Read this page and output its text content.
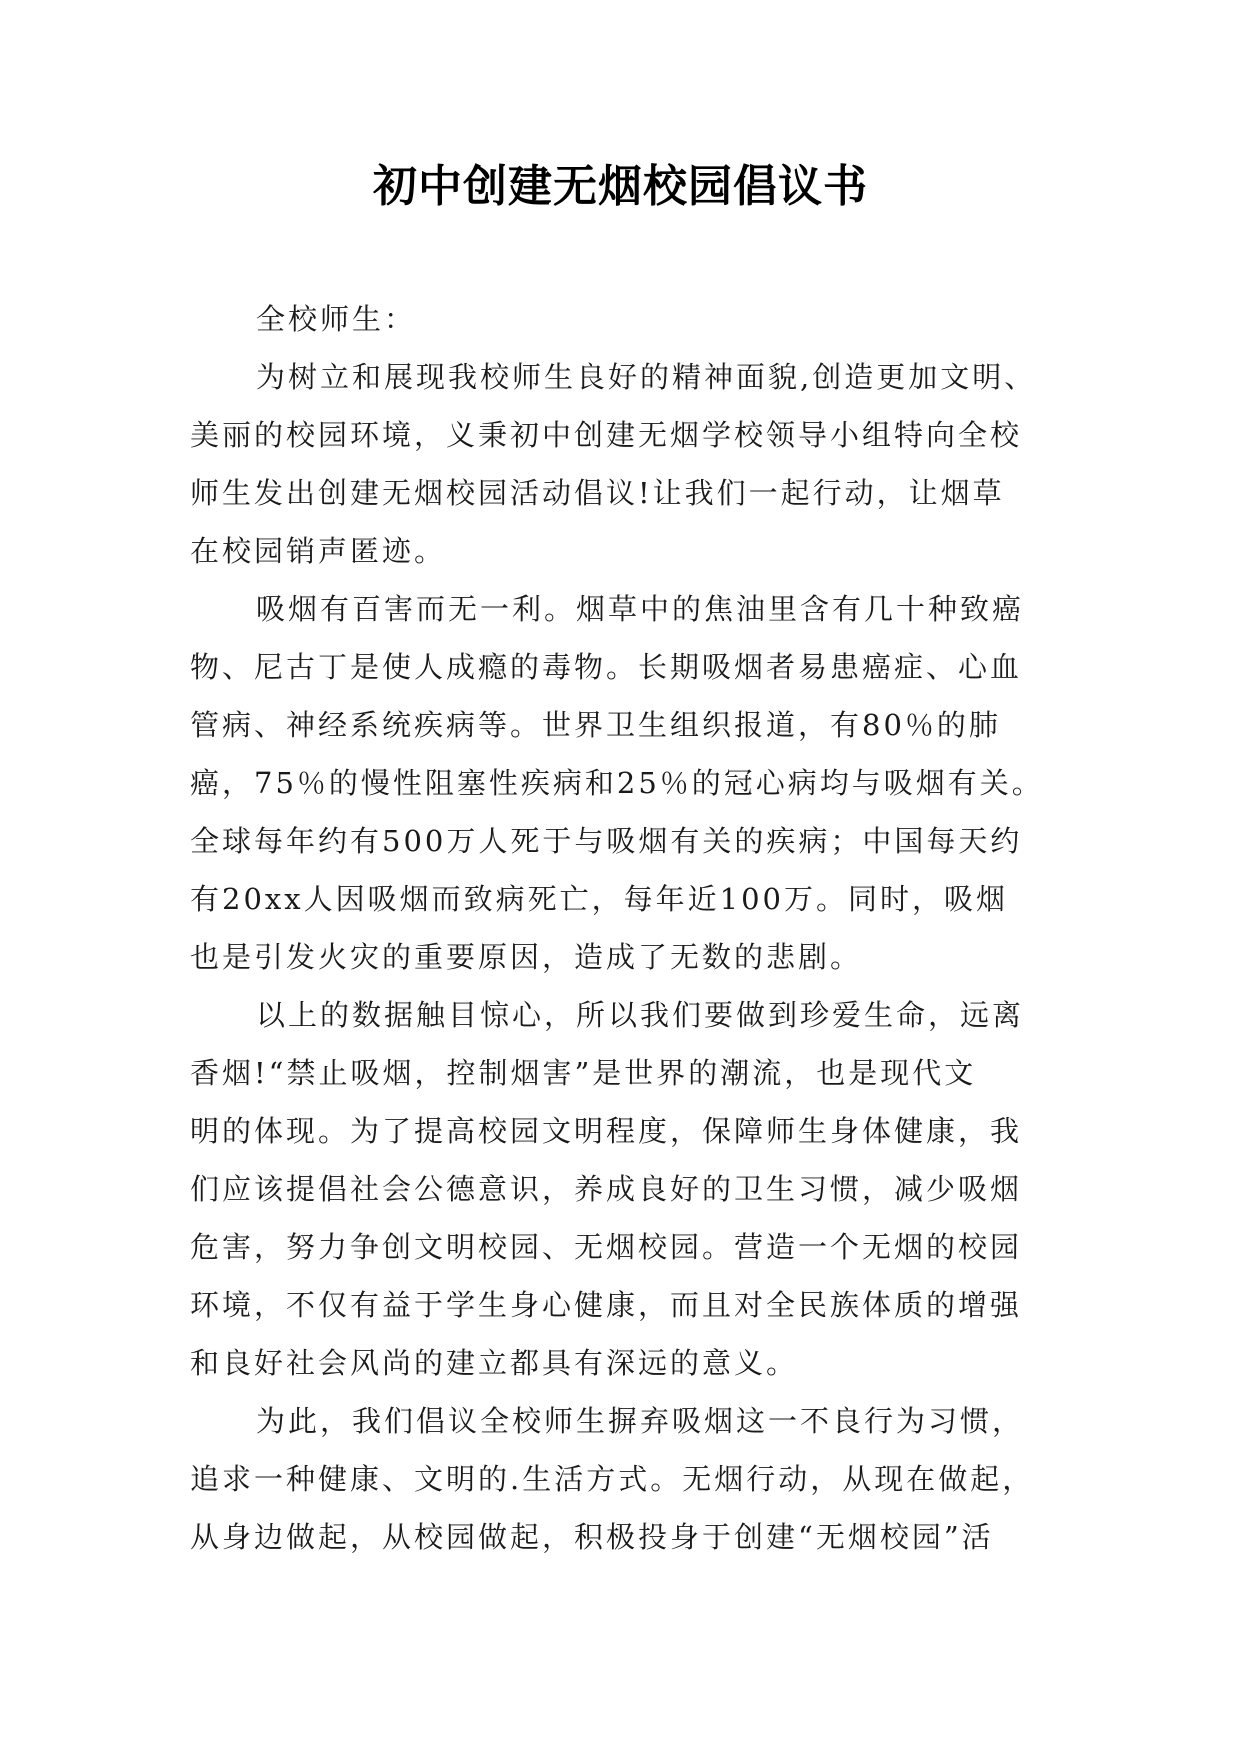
初中创建无烟校园倡议书
全校师生：
为树立和展现我校师生良好的精神面貌,创造更加文明、
美丽的校园环境，义秉初中创建无烟学校领导小组特向全校
师生发出创建无烟校园活动倡议!让我们一起行动，让烟草
在校园销声匿迹。
吸烟有百害而无一利。烟草中的焦油里含有几十种致癌
物、尼古丁是使人成瘾的毒物。长期吸烟者易患癌症、心血
管病、神经系统疾病等。世界卫生组织报道，有80％的肺
癌，75％的慢性阻塞性疾病和25％的冠心病均与吸烟有关。
全球每年约有500万人死于与吸烟有关的疾病；中国每天约
有20xx人因吸烟而致病死亡，每年近100万。同时，吸烟
也是引发火灾的重要原因，造成了无数的悲剧。
以上的数据触目惊心，所以我们要做到珍爱生命，远离
香烟!“禁止吸烟，控制烟害”是世界的潮流，也是现代文
明的体现。为了提高校园文明程度，保障师生身体健康，我
们应该提倡社会公德意识，养成良好的卫生习惯，减少吸烟
危害，努力争创文明校园、无烟校园。营造一个无烟的校园
环境，不仅有益于学生身心健康，而且对全民族体质的增强
和良好社会风尚的建立都具有深远的意义。
为此，我们倡议全校师生摒弃吸烟这一不良行为习惯，
追求一种健康、文明的.生活方式。无烟行动，从现在做起，
从身边做起，从校园做起，积极投身于创建“无烟校园”活
